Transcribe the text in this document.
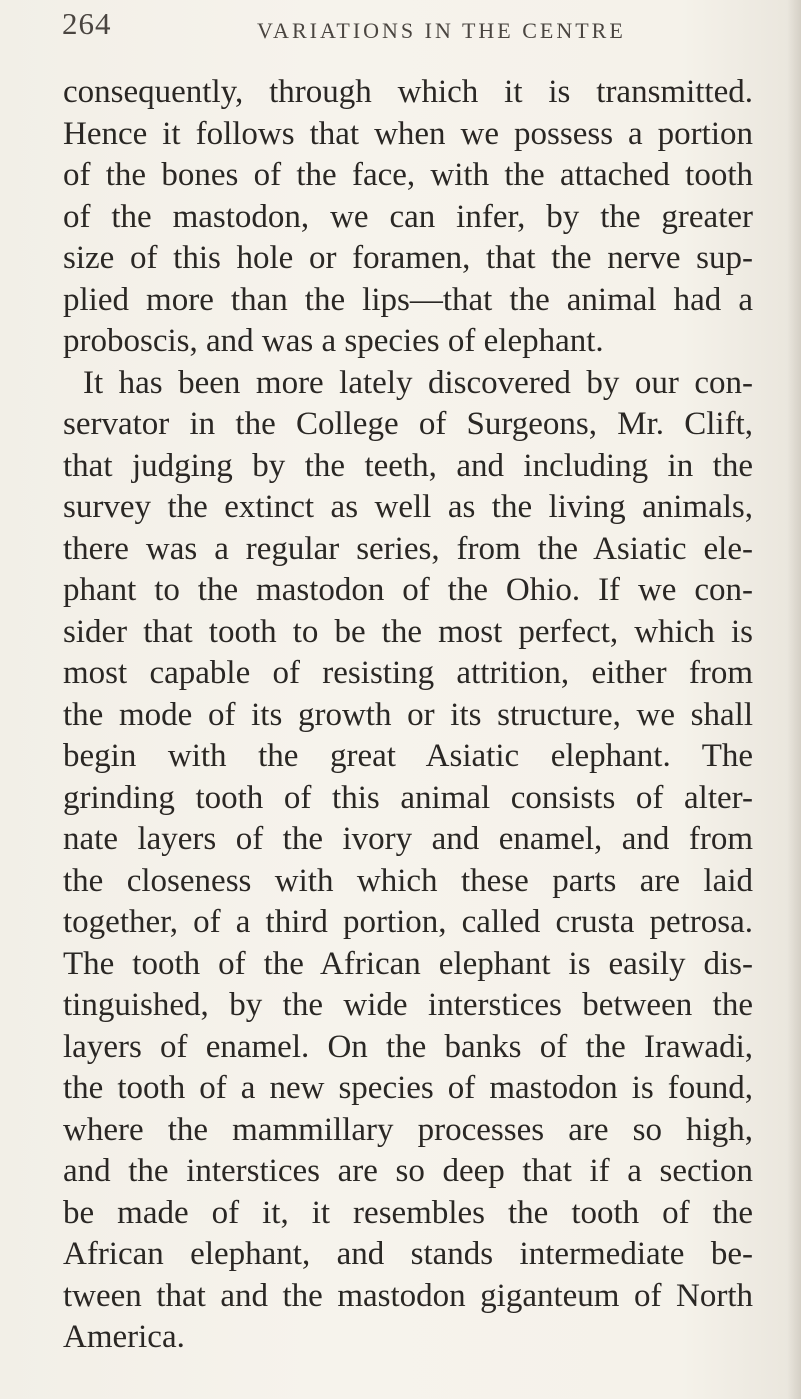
264	VARIATIONS IN THE CENTRE
consequently, through which it is transmitted.
Hence it follows that when we possess a portion
of the bones of the face, with the attached tooth
of the mastodon, we can infer, by the greater
size of this hole or foramen, that the nerve sup-
plied more than the lips—that the animal had a
proboscis, and was a species of elephant.
It has been more lately discovered by our con-
servator in the College of Surgeons, Mr. Clift,
that judging by the teeth, and including in the
survey the extinct as well as the living animals,
there was a regular series, from the Asiatic ele-
phant to the mastodon of the Ohio. If we con-
sider that tooth to be the most perfect, which is
most capable of resisting attrition, either from
the mode of its growth or its structure, we shall
begin with the great Asiatic elephant. The
grinding tooth of this animal consists of alter-
nate layers of the ivory and enamel, and from
the closeness with which these parts are laid
together, of a third portion, called crusta petrosa.
The tooth of the African elephant is easily dis-
tinguished, by the wide interstices between the
layers of enamel. On the banks of the Irawadi,
the tooth of a new species of mastodon is found,
where the mammillary processes are so high,
and the interstices are so deep that if a section
be made of it, it resembles the tooth of the
African elephant, and stands intermediate be-
tween that and the mastodon giganteum of North
America.
